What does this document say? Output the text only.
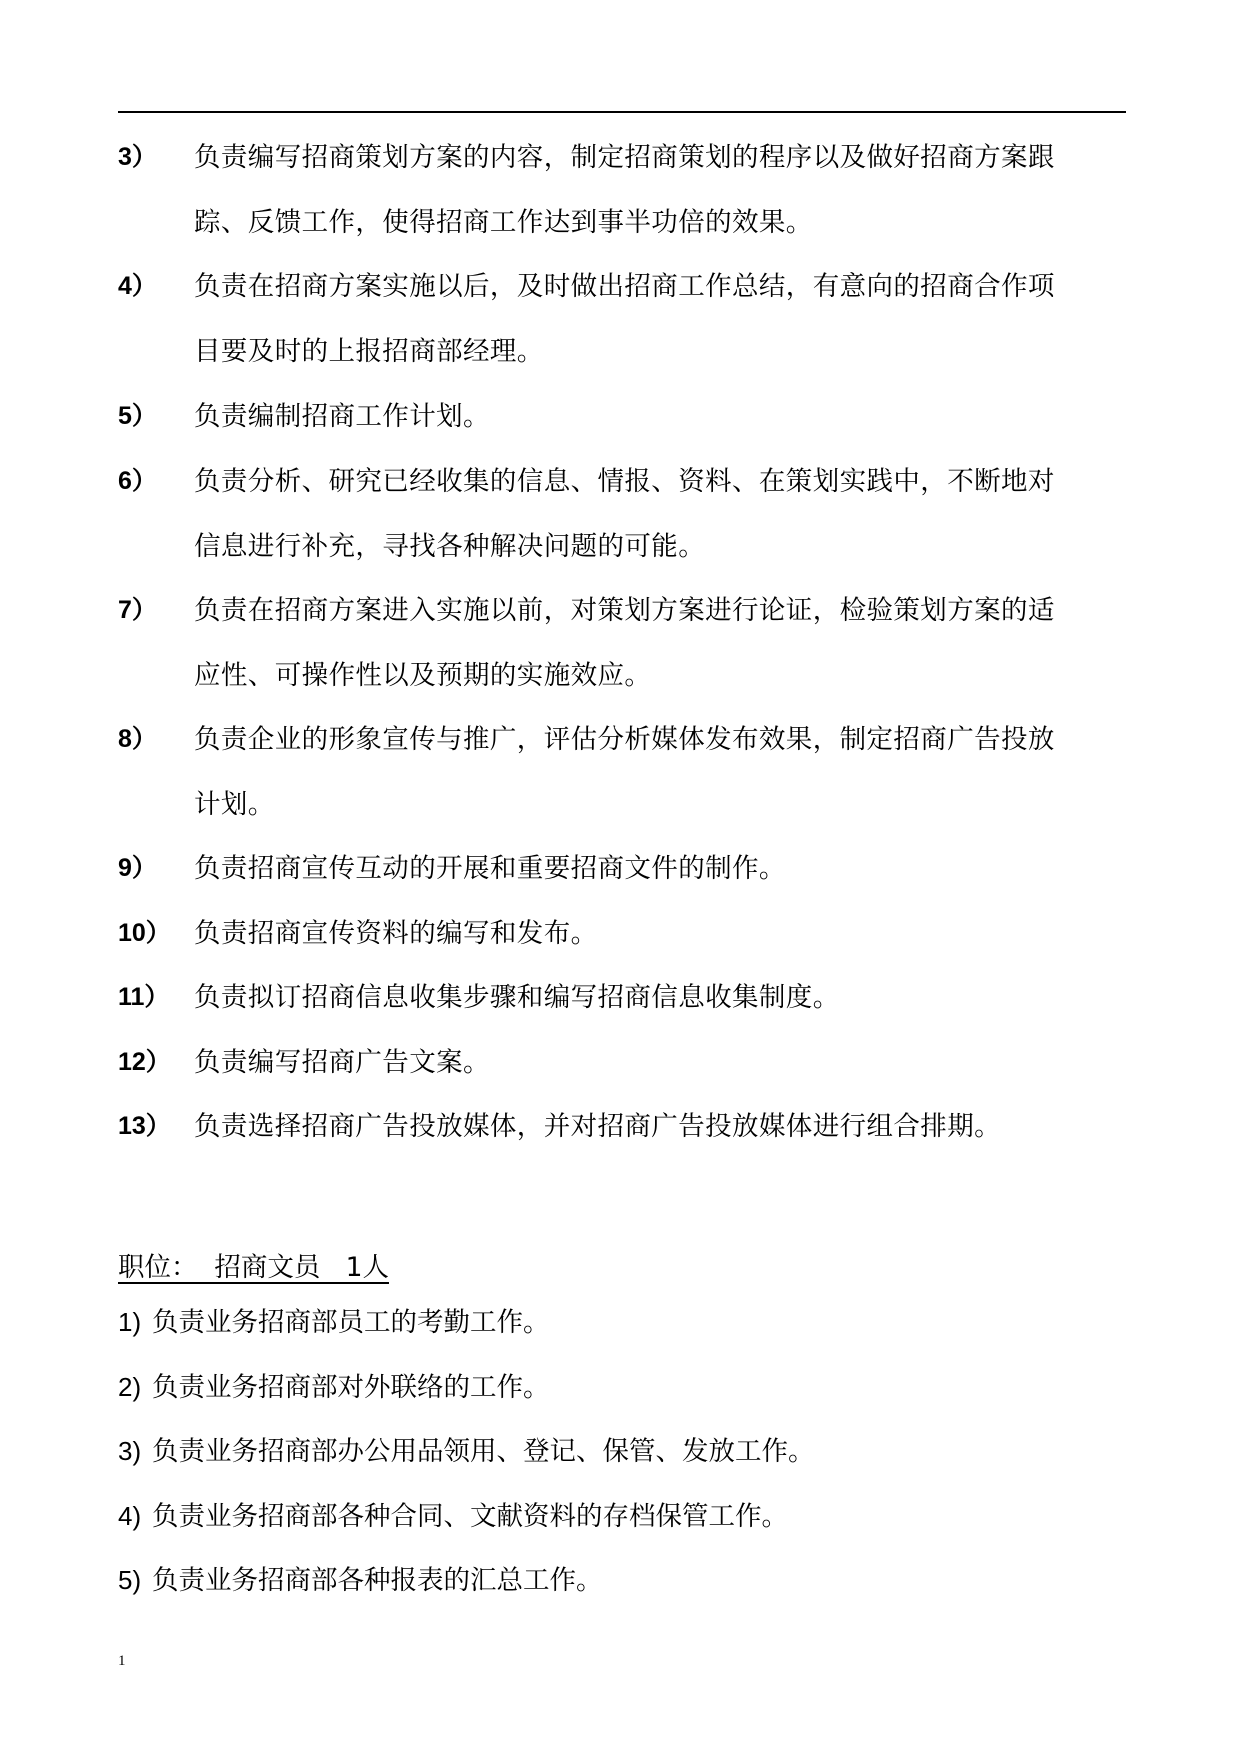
3）	负责编写招商策划方案的内容，制定招商策划的程序以及做好招商方案跟
踪、反馈工作，使得招商工作达到事半功倍的效果。
4）	负责在招商方案实施以后，及时做出招商工作总结，有意向的招商合作项
目要及时的上报招商部经理。
5）	负责编制招商工作计划。
6）	负责分析、研究已经收集的信息、情报、资料、在策划实践中，不断地对
信息进行补充，寻找各种解决问题的可能。
7）	负责在招商方案进入实施以前，对策划方案进行论证，检验策划方案的适
应性、可操作性以及预期的实施效应。
8）	负责企业的形象宣传与推广，评估分析媒体发布效果，制定招商广告投放
计划。
9）	负责招商宣传互动的开展和重要招商文件的制作。
10） 负责招商宣传资料的编写和发布。
11） 负责拟订招商信息收集步骤和编写招商信息收集制度。
12） 负责编写招商广告文案。
13） 负责选择招商广告投放媒体，并对招商广告投放媒体进行组合排期。
职位：  招商文员   1人
1) 负责业务招商部员工的考勤工作。
2) 负责业务招商部对外联络的工作。
3) 负责业务招商部办公用品领用、登记、保管、发放工作。
4) 负责业务招商部各种合同、文献资料的存档保管工作。
5) 负责业务招商部各种报表的汇总工作。
1
